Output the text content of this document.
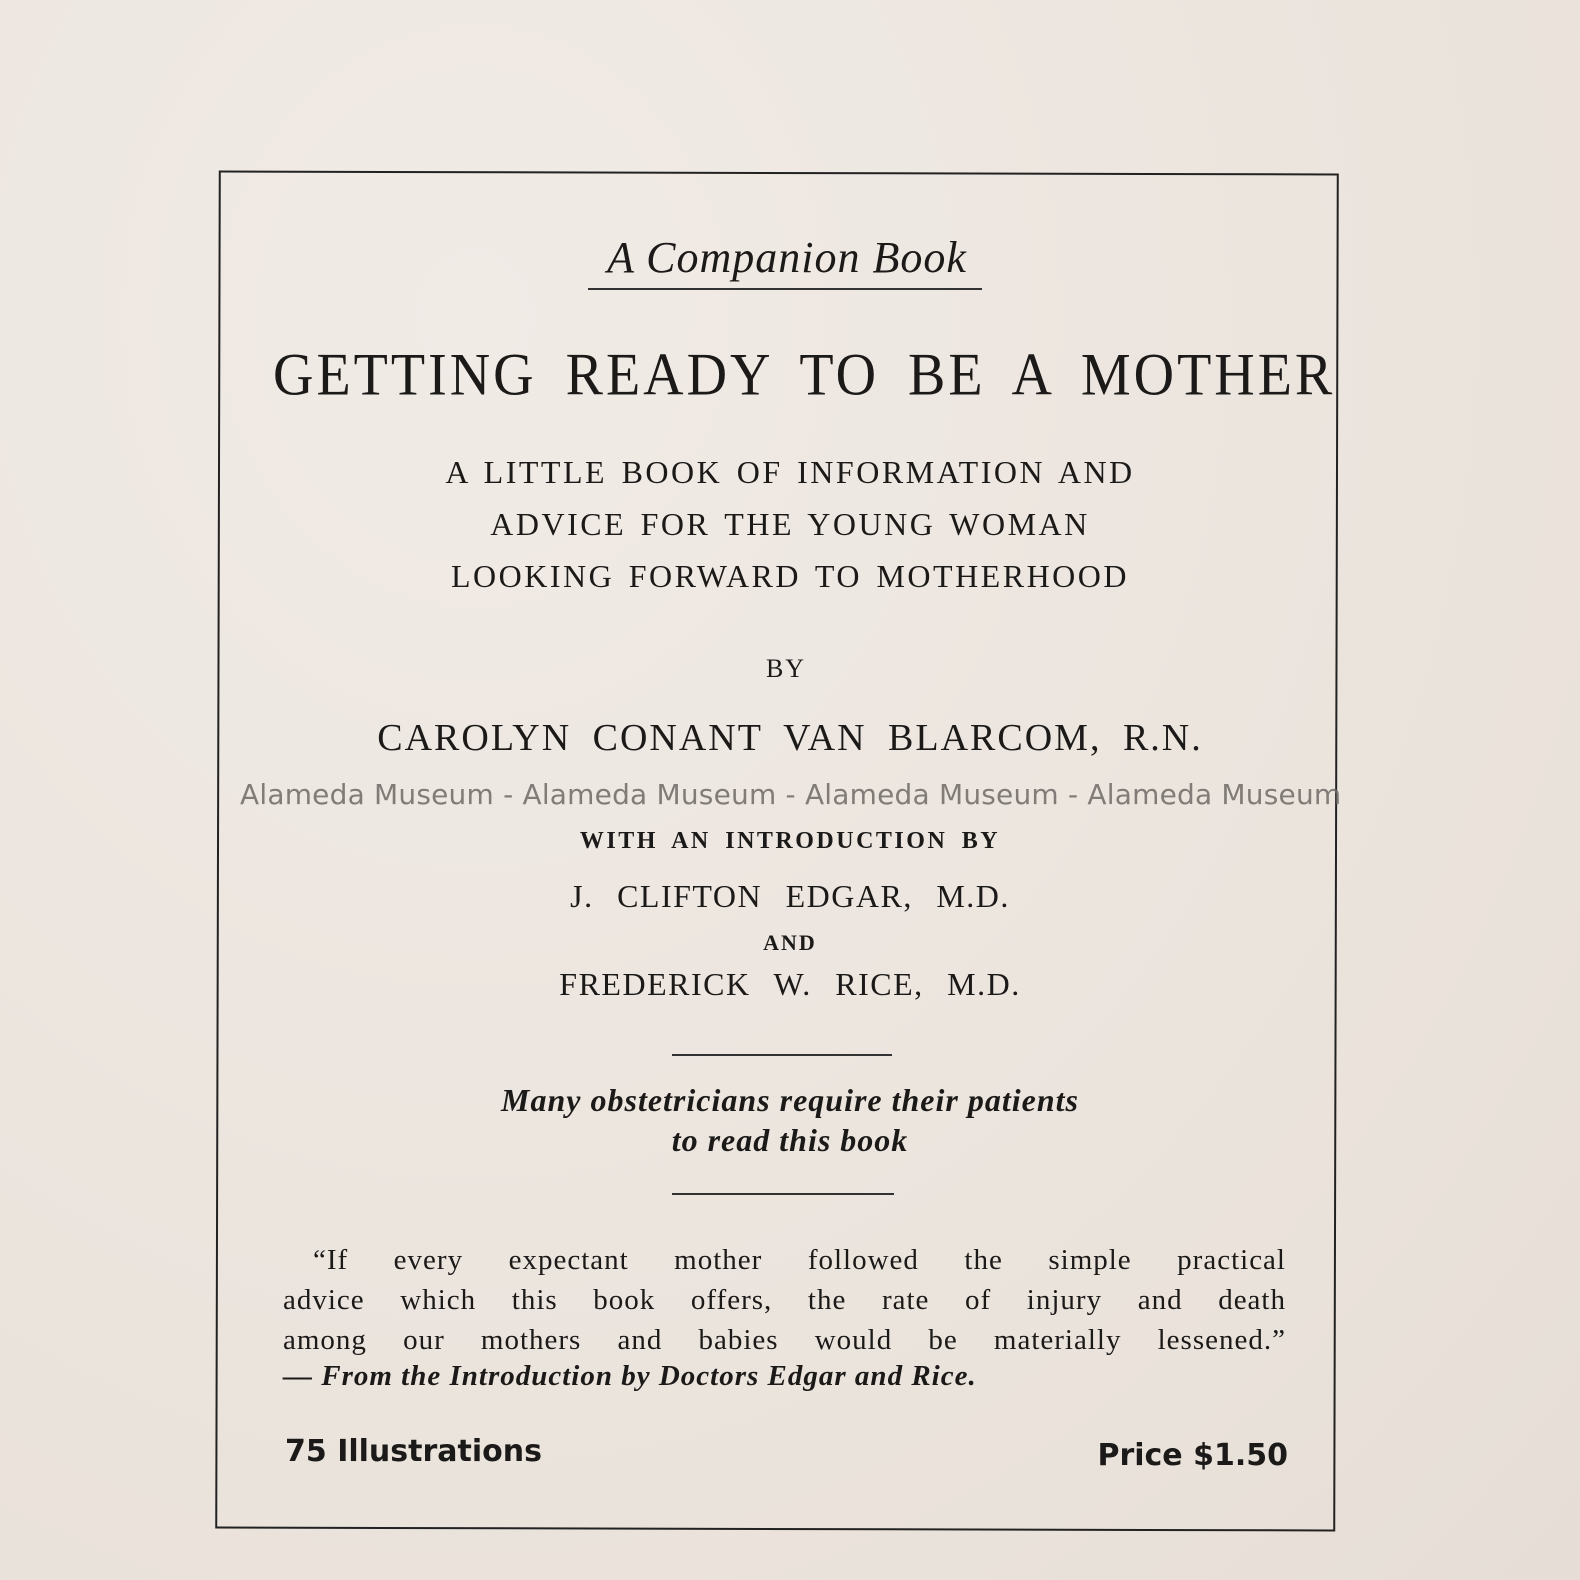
A Companion Book
GETTING READY TO BE A MOTHER
A LITTLE BOOK OF INFORMATION AND
ADVICE FOR THE YOUNG WOMAN
LOOKING FORWARD TO MOTHERHOOD
BY
CAROLYN CONANT VAN BLARCOM, R.N.
Alameda Museum - Alameda Museum - Alameda Museum - Alameda Museum
WITH AN INTRODUCTION BY
J. CLIFTON EDGAR, M.D.
AND
FREDERICK W. RICE, M.D.
Many obstetricians require their patients
to read this book
“If every expectant mother followed the simple practical
advice which this book offers, the rate of injury and death
among our mothers and babies would be materially lessened.”
— From the Introduction by Doctors Edgar and Rice.
75 Illustrations	Price $1.50
